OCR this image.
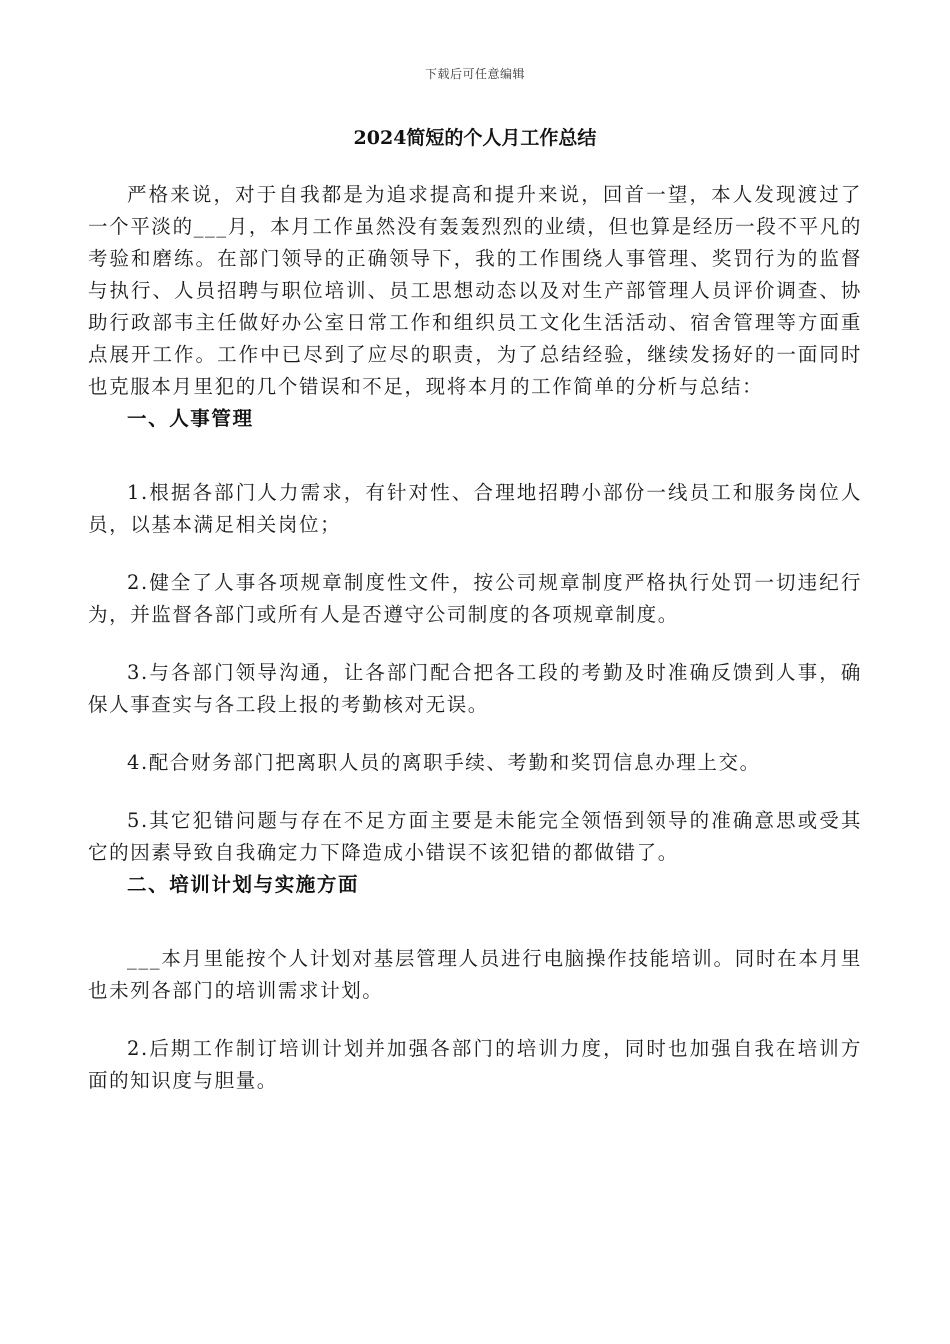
下载后可任意编辑
2024简短的个人月工作总结

严格来说，对于自我都是为追求提高和提升来说，回首一望，本人发现渡过了一个平淡的___月，本月工作虽然没有轰轰烈烈的业绩，但也算是经历一段不平凡的考验和磨练。在部门领导的正确领导下，我的工作围绕人事管理、奖罚行为的监督与执行、人员招聘与职位培训、员工思想动态以及对生产部管理人员评价调查、协助行政部韦主任做好办公室日常工作和组织员工文化生活活动、宿舍管理等方面重点展开工作。工作中已尽到了应尽的职责，为了总结经验，继续发扬好的一面同时也克服本月里犯的几个错误和不足，现将本月的工作简单的分析与总结：

一、人事管理

1.根据各部门人力需求，有针对性、合理地招聘小部份一线员工和服务岗位人员，以基本满足相关岗位；

2.健全了人事各项规章制度性文件，按公司规章制度严格执行处罚一切违纪行为，并监督各部门或所有人是否遵守公司制度的各项规章制度。

3.与各部门领导沟通，让各部门配合把各工段的考勤及时准确反馈到人事，确保人事查实与各工段上报的考勤核对无误。

4.配合财务部门把离职人员的离职手续、考勤和奖罚信息办理上交。

5.其它犯错问题与存在不足方面主要是未能完全领悟到领导的准确意思或受其它的因素导致自我确定力下降造成小错误不该犯错的都做错了。

二、培训计划与实施方面

___本月里能按个人计划对基层管理人员进行电脑操作技能培训。同时在本月里也未列各部门的培训需求计划。

2.后期工作制订培训计划并加强各部门的培训力度，同时也加强自我在培训方面的知识度与胆量。
